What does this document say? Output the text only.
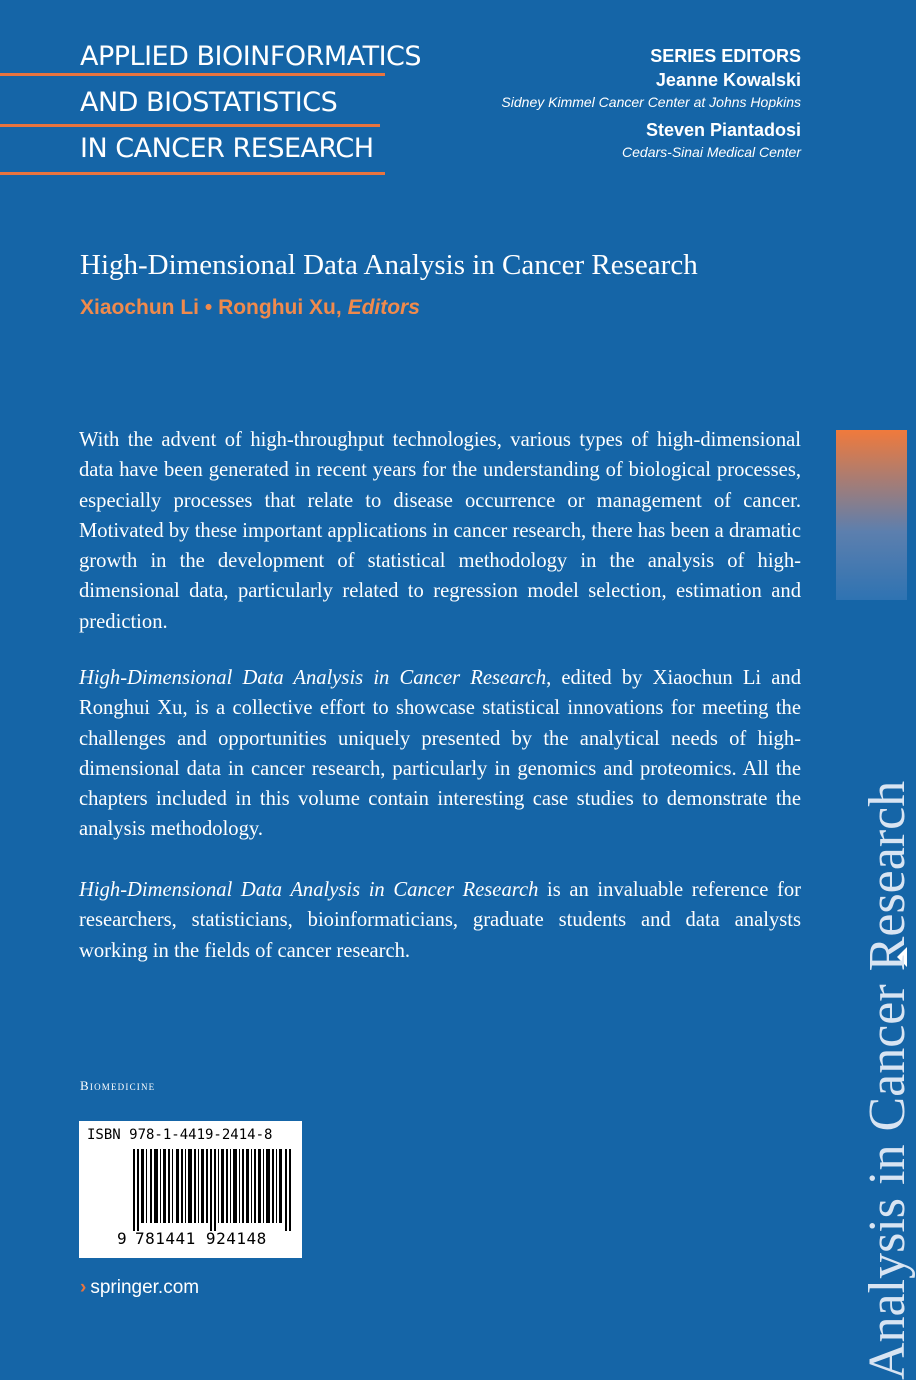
APPLIED BIOINFORMATICS
AND BIOSTATISTICS
IN CANCER RESEARCH
SERIES EDITORS
Jeanne Kowalski
Sidney Kimmel Cancer Center at Johns Hopkins
Steven Piantadosi
Cedars-Sinai Medical Center
High-Dimensional Data Analysis in Cancer Research
Xiaochun Li • Ronghui Xu, Editors

With the advent of high-throughput technologies, various types of high-dimensional data have been generated in recent years for the understanding of biological processes, especially processes that relate to disease occurrence or management of cancer. Motivated by these important applications in cancer research, there has been a dramatic growth in the development of statistical methodology in the analysis of high-dimensional data, particularly related to regression model selection, estimation and prediction.

High-Dimensional Data Analysis in Cancer Research, edited by Xiaochun Li and Ronghui Xu, is a collective effort to showcase statistical innovations for meeting the challenges and opportunities uniquely presented by the analytical needs of high-dimensional data in cancer research, particularly in genomics and proteomics. All the chapters included in this volume contain interesting case studies to demonstrate the analysis methodology.

High-Dimensional Data Analysis in Cancer Research is an invaluable reference for researchers, statisticians, bioinformaticians, graduate students and data analysts working in the fields of cancer research.

Biomedicine
ISBN 978-1-4419-2414-8
9 781441 924148
› springer.com	Analysis in Cancer Research
